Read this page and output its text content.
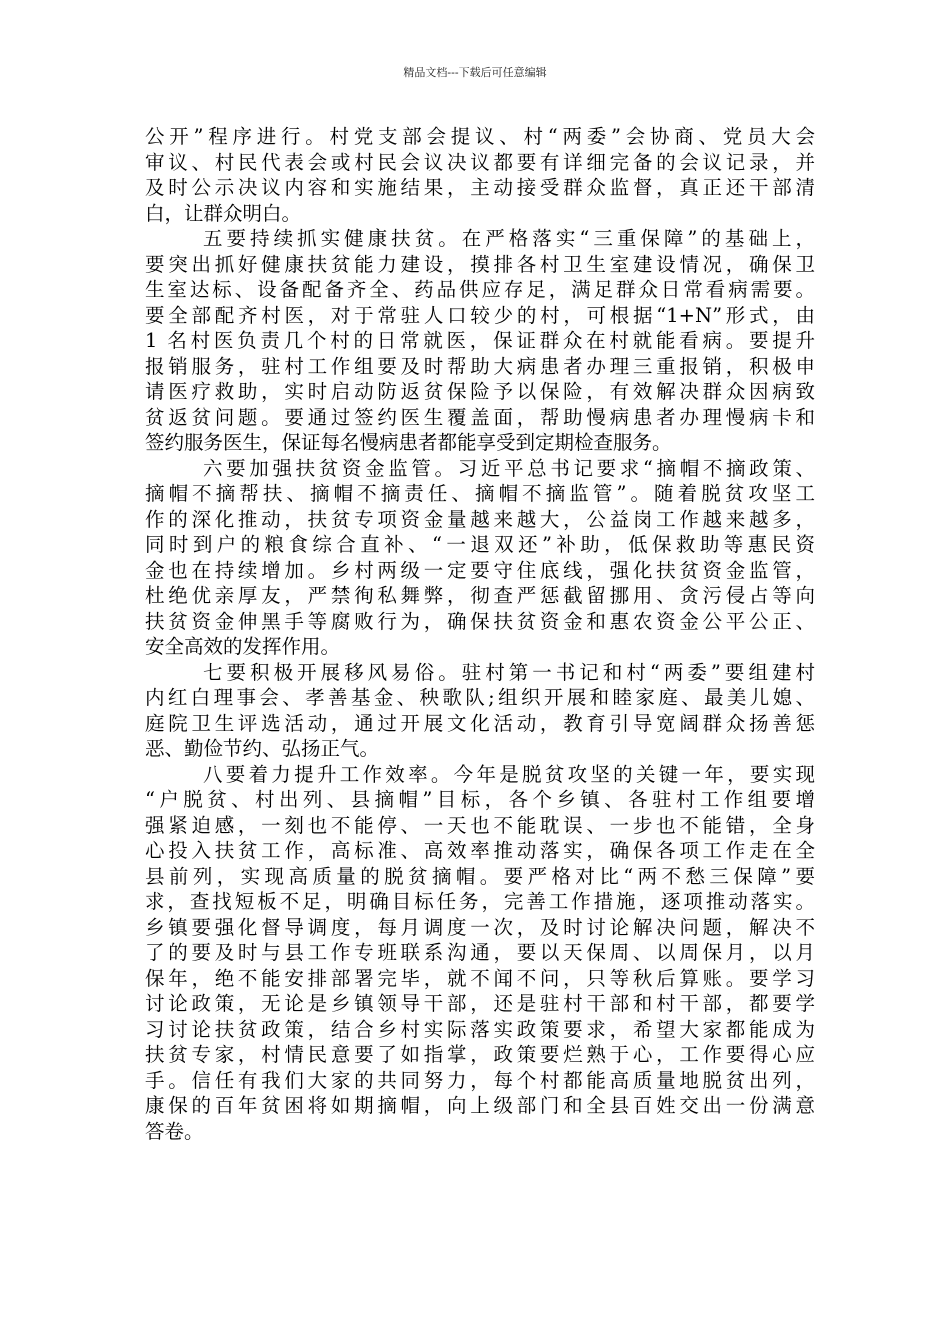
精品文档---下载后可任意编辑
公开”程序进行。村党支部会提议、村“两委”会协商、党员大会
审议、村民代表会或村民会议决议都要有详细完备的会议记录，并
及时公示决议内容和实施结果，主动接受群众监督，真正还干部清
白，让群众明白。
五要持续抓实健康扶贫。在严格落实“三重保障”的基础上，
要突出抓好健康扶贫能力建设，摸排各村卫生室建设情况，确保卫
生室达标、设备配备齐全、药品供应存足，满足群众日常看病需要。
要全部配齐村医，对于常驻人口较少的村，可根据“1+N”形式，由
1 名村医负责几个村的日常就医，保证群众在村就能看病。要提升
报销服务，驻村工作组要及时帮助大病患者办理三重报销，积极申
请医疗救助，实时启动防返贫保险予以保险，有效解决群众因病致
贫返贫问题。要通过签约医生覆盖面，帮助慢病患者办理慢病卡和
签约服务医生，保证每名慢病患者都能享受到定期检查服务。
六要加强扶贫资金监管。习近平总书记要求“摘帽不摘政策、
摘帽不摘帮扶、摘帽不摘责任、摘帽不摘监管”。随着脱贫攻坚工
作的深化推动，扶贫专项资金量越来越大，公益岗工作越来越多，
同时到户的粮食综合直补、“一退双还”补助，低保救助等惠民资
金也在持续增加。乡村两级一定要守住底线，强化扶贫资金监管，
杜绝优亲厚友，严禁徇私舞弊，彻查严惩截留挪用、贪污侵占等向
扶贫资金伸黑手等腐败行为，确保扶贫资金和惠农资金公平公正、
安全高效的发挥作用。
七要积极开展移风易俗。驻村第一书记和村“两委”要组建村
内红白理事会、孝善基金、秧歌队;组织开展和睦家庭、最美儿媳、
庭院卫生评选活动，通过开展文化活动，教育引导宽阔群众扬善惩
恶、勤俭节约、弘扬正气。
八要着力提升工作效率。今年是脱贫攻坚的关键一年，要实现
“户脱贫、村出列、县摘帽”目标，各个乡镇、各驻村工作组要增
强紧迫感，一刻也不能停、一天也不能耽误、一步也不能错，全身
心投入扶贫工作，高标准、高效率推动落实，确保各项工作走在全
县前列，实现高质量的脱贫摘帽。要严格对比“两不愁三保障”要
求，查找短板不足，明确目标任务，完善工作措施，逐项推动落实。
乡镇要强化督导调度，每月调度一次，及时讨论解决问题，解决不
了的要及时与县工作专班联系沟通，要以天保周、以周保月，以月
保年，绝不能安排部署完毕，就不闻不问，只等秋后算账。要学习
讨论政策，无论是乡镇领导干部，还是驻村干部和村干部，都要学
习讨论扶贫政策，结合乡村实际落实政策要求，希望大家都能成为
扶贫专家，村情民意要了如指掌，政策要烂熟于心，工作要得心应
手。信任有我们大家的共同努力，每个村都能高质量地脱贫出列，
康保的百年贫困将如期摘帽，向上级部门和全县百姓交出一份满意
答卷。
